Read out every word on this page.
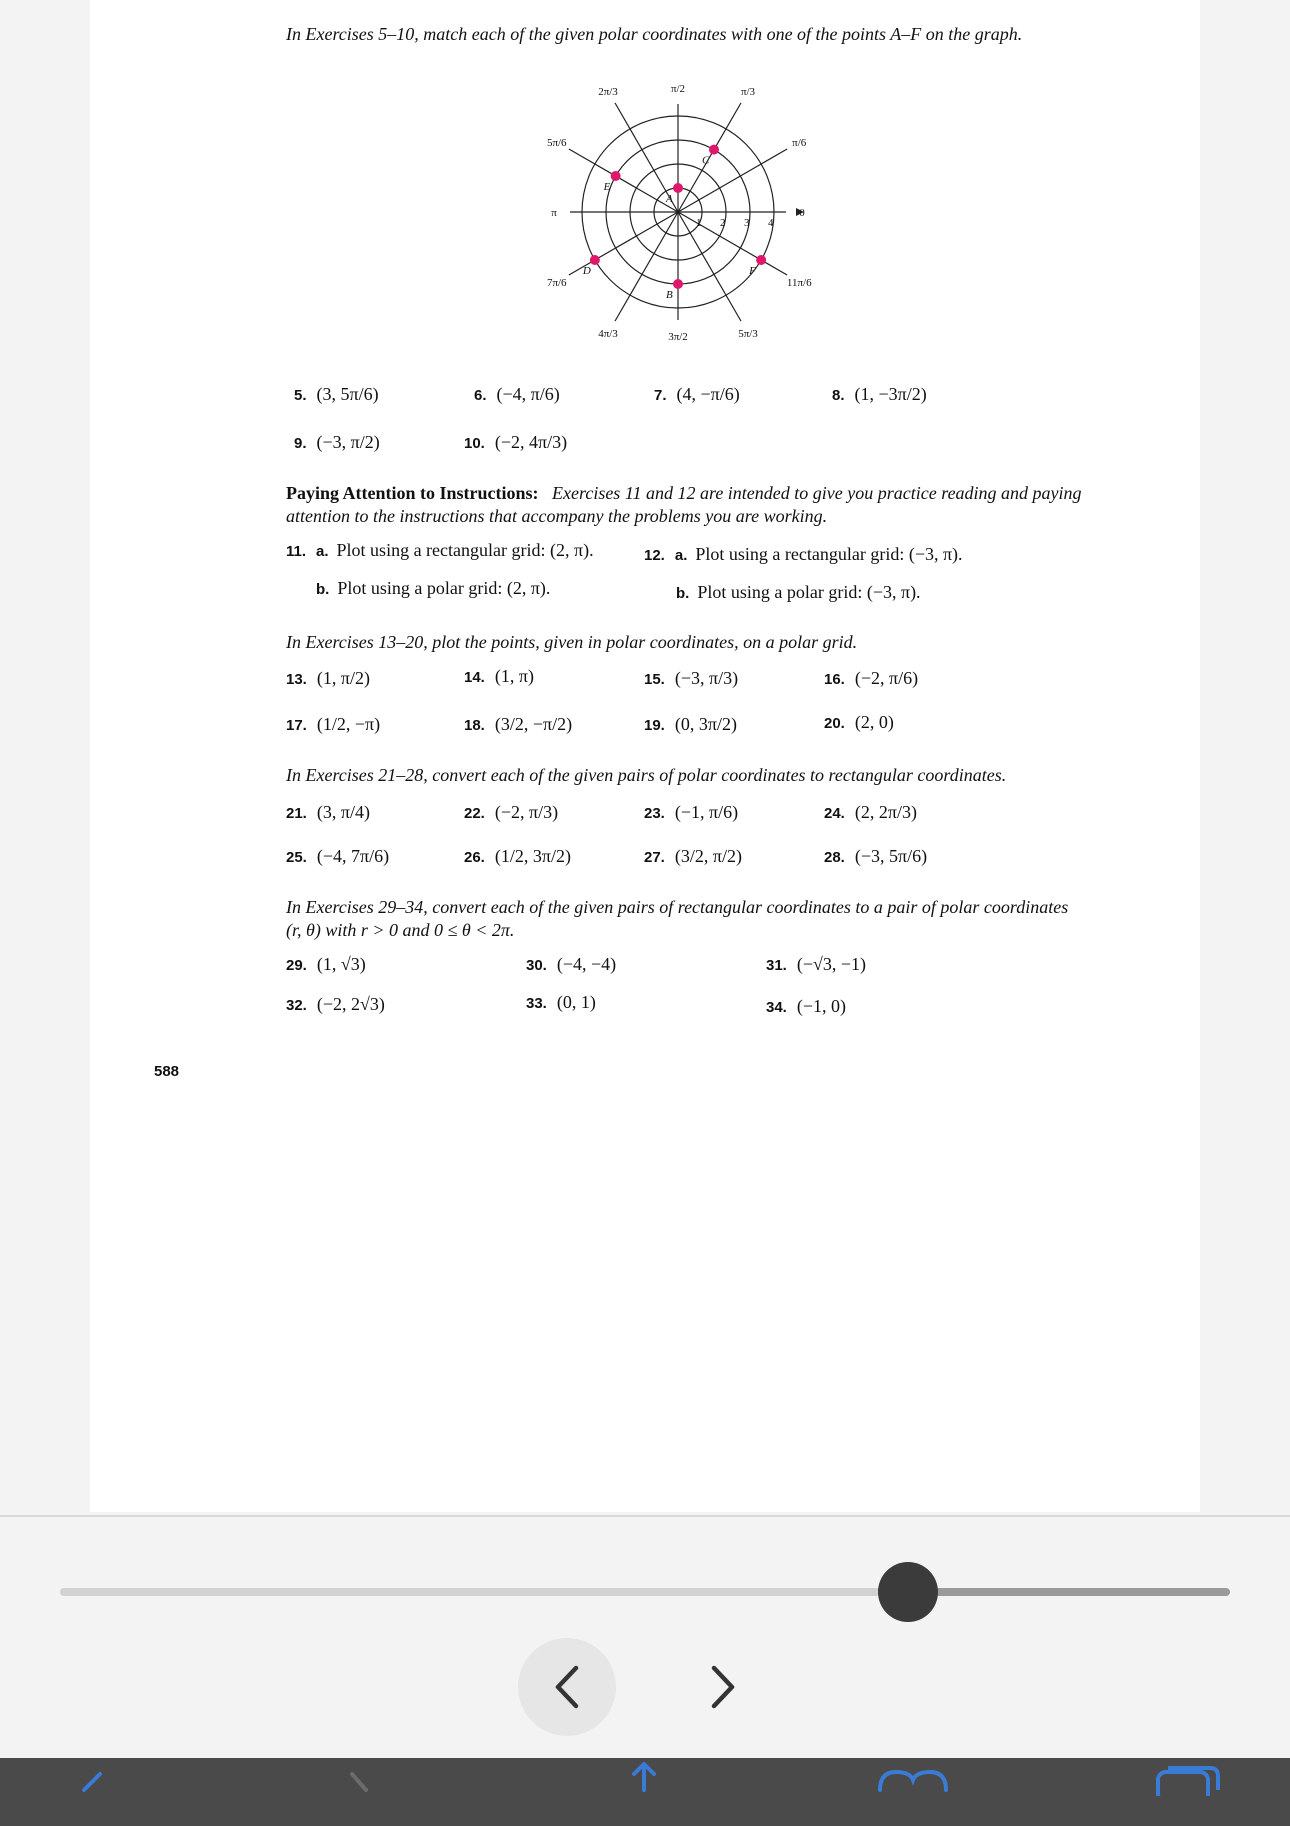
In Exercises 5–10, match each of the given polar coordinates with one of the points A–F on the graph.
1 2 3 4
π/2	π/3
π/6
0
11π/6
5π/3
3π/2
4π/3
7π/6
π
5π/6
2π/3
A
B
C
D
E
F
5. (3, 5π/6)	6. (−4, π/6)	7. (4, −π/6)	8. (1, −3π/2)
9. (−3, π/2)	10. (−2, 4π/3)
Paying Attention to Instructions: Exercises 11 and 12 are intended to give you practice reading and paying attention to the instructions that accompany the problems you are working.
11. a. Plot using a rectangular grid: (2, π).
b. Plot using a polar grid: (2, π).
12. a. Plot using a rectangular grid: (−3, π).
b. Plot using a polar grid: (−3, π).
In Exercises 13–20, plot the points, given in polar coordinates, on a polar grid.
13. (1, π/2)	14. (1, π)	15. (−3, π/3)	16. (−2, π/6)
17. (1/2, −π)	18. (3/2, −π/2)	19. (0, 3π/2)	20. (2, 0)
In Exercises 21–28, convert each of the given pairs of polar coordinates to rectangular coordinates.
21. (3, π/4)	22. (−2, π/3)	23. (−1, π/6)	24. (2, 2π/3)
25. (−4, 7π/6)	26. (1/2, 3π/2)	27. (3/2, π/2)	28. (−3, 5π/6)
In Exercises 29–34, convert each of the given pairs of rectangular coordinates to a pair of polar coordinates (r, θ) with r > 0 and 0 ≤ θ < 2π.
29. (1, √3)	30. (−4, −4)	31. (−√3, −1)
32. (−2, 2√3)	33. (0, 1)	34. (−1, 0)
588
